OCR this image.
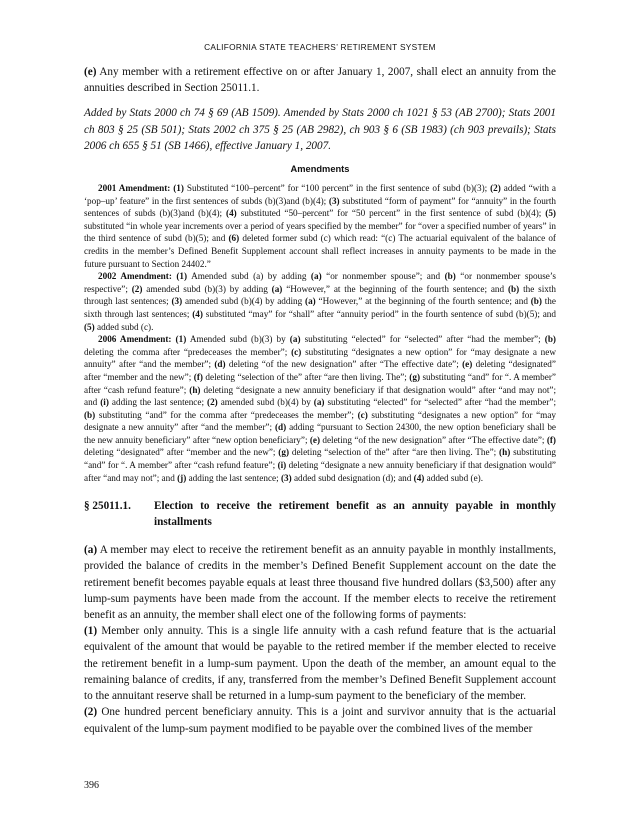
CALIFORNIA STATE TEACHERS’ RETIREMENT SYSTEM

(e) Any member with a retirement effective on or after January 1, 2007, shall elect an annuity from the annuities described in Section 25011.1.

Added by Stats 2000 ch 74 § 69 (AB 1509). Amended by Stats 2000 ch 1021 § 53 (AB 2700); Stats 2001 ch 803 § 25 (SB 501); Stats 2002 ch 375 § 25 (AB 2982), ch 903 § 6 (SB 1983) (ch 903 prevails); Stats 2006 ch 655 § 51 (SB 1466), effective January 1, 2007.

Amendments

2001 Amendment: (1) Substituted “100–percent” for “100 percent” in the first sentence of subd (b)(3); (2) added “with a ‘pop–up’ feature” in the first sentences of subds (b)(3)and (b)(4); (3) substituted “form of payment” for “annuity” in the fourth sentences of subds (b)(3)and (b)(4); (4) substituted “50–percent” for “50 percent” in the first sentence of subd (b)(4); (5) substituted “in whole year increments over a period of years specified by the member” for “over a specified number of years” in the third sentence of subd (b)(5); and (6) deleted former subd (c) which read: “(c) The actuarial equivalent of the balance of credits in the member’s Defined Benefit Supplement account shall reflect increases in annuity payments to be made in the future pursuant to Section 24402.”

2002 Amendment: (1) Amended subd (a) by adding (a) “or nonmember spouse”; and (b) “or nonmember spouse’s respective”; (2) amended subd (b)(3) by adding (a) “However,” at the beginning of the fourth sentence; and (b) the sixth through last sentences; (3) amended subd (b)(4) by adding (a) “However,” at the beginning of the fourth sentence; and (b) the sixth through last sentences; (4) substituted “may” for “shall” after “annuity period” in the fourth sentence of subd (b)(5); and (5) added subd (c).

2006 Amendment: (1) Amended subd (b)(3) by (a) substituting “elected” for “selected” after “had the member”; (b) deleting the comma after “predeceases the member”; (c) substituting “designates a new option” for “may designate a new annuity” after “and the member”; (d) deleting “of the new designation” after “The effective date”; (e) deleting “designated” after “member and the new”; (f) deleting “selection of the” after “are then living. The”; (g) substituting “and” for “. A member” after “cash refund feature”; (h) deleting “designate a new annuity beneficiary if that designation would” after “and may not”; and (i) adding the last sentence; (2) amended subd (b)(4) by (a) substituting “elected” for “selected” after “had the member”; (b) substituting “and” for the comma after “predeceases the member”; (c) substituting “designates a new option” for “may designate a new annuity” after “and the member”; (d) adding “pursuant to Section 24300, the new option beneficiary shall be the new annuity beneficiary” after “new option beneficiary”; (e) deleting “of the new designation” after “The effective date”; (f) deleting “designated” after “member and the new”; (g) deleting “selection of the” after “are then living. The”; (h) substituting “and” for “. A member” after “cash refund feature”; (i) deleting “designate a new annuity beneficiary if that designation would” after “and may not”; and (j) adding the last sentence; (3) added subd designation (d); and (4) added subd (e).

§ 25011.1.	Election to receive the retirement benefit as an annuity payable in monthly installments

(a) A member may elect to receive the retirement benefit as an annuity payable in monthly installments, provided the balance of credits in the member’s Defined Benefit Supplement account on the date the retirement benefit becomes payable equals at least three thousand five hundred dollars ($3,500) after any lump-sum payments have been made from the account. If the member elects to receive the retirement benefit as an annuity, the member shall elect one of the following forms of payments:

(1) Member only annuity. This is a single life annuity with a cash refund feature that is the actuarial equivalent of the amount that would be payable to the retired member if the member elected to receive the retirement benefit in a lump-sum payment. Upon the death of the member, an amount equal to the remaining balance of credits, if any, transferred from the member’s Defined Benefit Supplement account to the annuitant reserve shall be returned in a lump-sum payment to the beneficiary of the member.

(2) One hundred percent beneficiary annuity. This is a joint and survivor annuity that is the actuarial equivalent of the lump-sum payment modified to be payable over the combined lives of the member

396
